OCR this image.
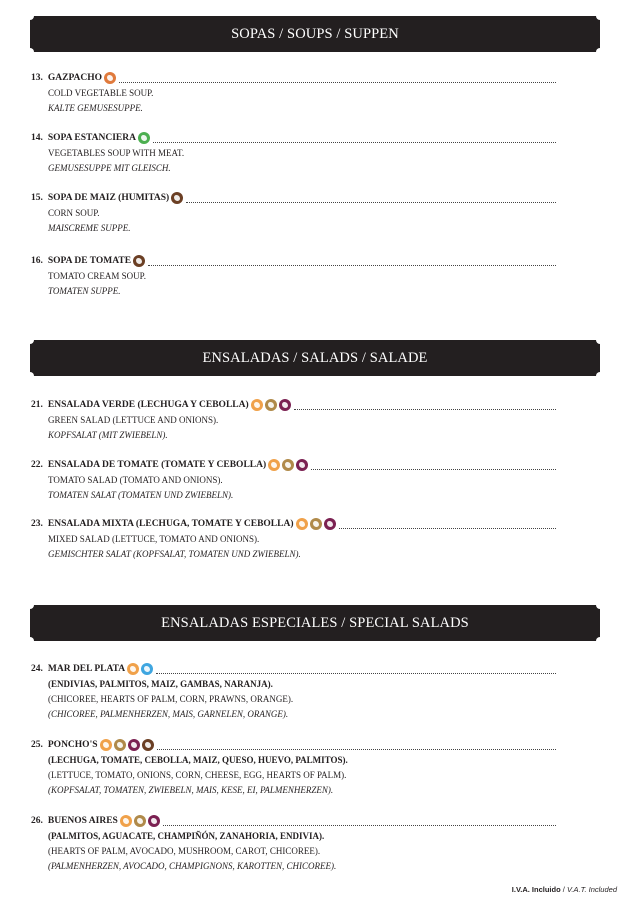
SOPAS / SOUPS / SUPPEN
ENSALADAS / SALADS / SALADE
ENSALADAS ESPECIALES / SPECIAL SALADS
13. GAZPACHO
COLD VEGETABLE SOUP.
KALTE GEMUSESUPPE.
14. SOPA ESTANCIERA
VEGETABLES SOUP WITH MEAT.
GEMUSESUPPE MIT GLEISCH.
15. SOPA DE MAIZ (HUMITAS)
CORN SOUP.
MAISCREME SUPPE.
16. SOPA DE TOMATE
TOMATO CREAM SOUP.
TOMATEN SUPPE.
21. ENSALADA VERDE (LECHUGA Y CEBOLLA)
GREEN SALAD (LETTUCE AND ONIONS).
KOPFSALAT (MIT ZWIEBELN).
22. ENSALADA DE TOMATE (TOMATE Y CEBOLLA)
TOMATO SALAD (TOMATO AND ONIONS).
TOMATEN SALAT (TOMATEN UND ZWIEBELN).
23. ENSALADA MIXTA (LECHUGA, TOMATE Y CEBOLLA)
MIXED SALAD (LETTUCE, TOMATO AND ONIONS).
GEMISCHTER SALAT (KOPFSALAT, TOMATEN UND ZWIEBELN).
24. MAR DEL PLATA
(ENDIVIAS, PALMITOS, MAIZ, GAMBAS, NARANJA).
(CHICOREE, HEARTS OF PALM, CORN, PRAWNS, ORANGE).
(CHICOREE, PALMENHERZEN, MAIS, GARNELEN, ORANGE).
25. PONCHO'S
(LECHUGA, TOMATE, CEBOLLA, MAIZ, QUESO, HUEVO, PALMITOS).
(LETTUCE, TOMATO, ONIONS, CORN, CHEESE, EGG, HEARTS OF PALM).
(KOPFSALAT, TOMATEN, ZWIEBELN, MAIS, KESE, EI, PALMENHERZEN).
26. BUENOS AIRES
(PALMITOS, AGUACATE, CHAMPIÑÓN, ZANAHORIA, ENDIVIA).
(HEARTS OF PALM, AVOCADO, MUSHROOM, CAROT, CHICOREE).
(PALMENHERZEN, AVOCADO, CHAMPIGNONS, KAROTTEN, CHICOREE).
I.V.A. Incluido / V.A.T. Included
